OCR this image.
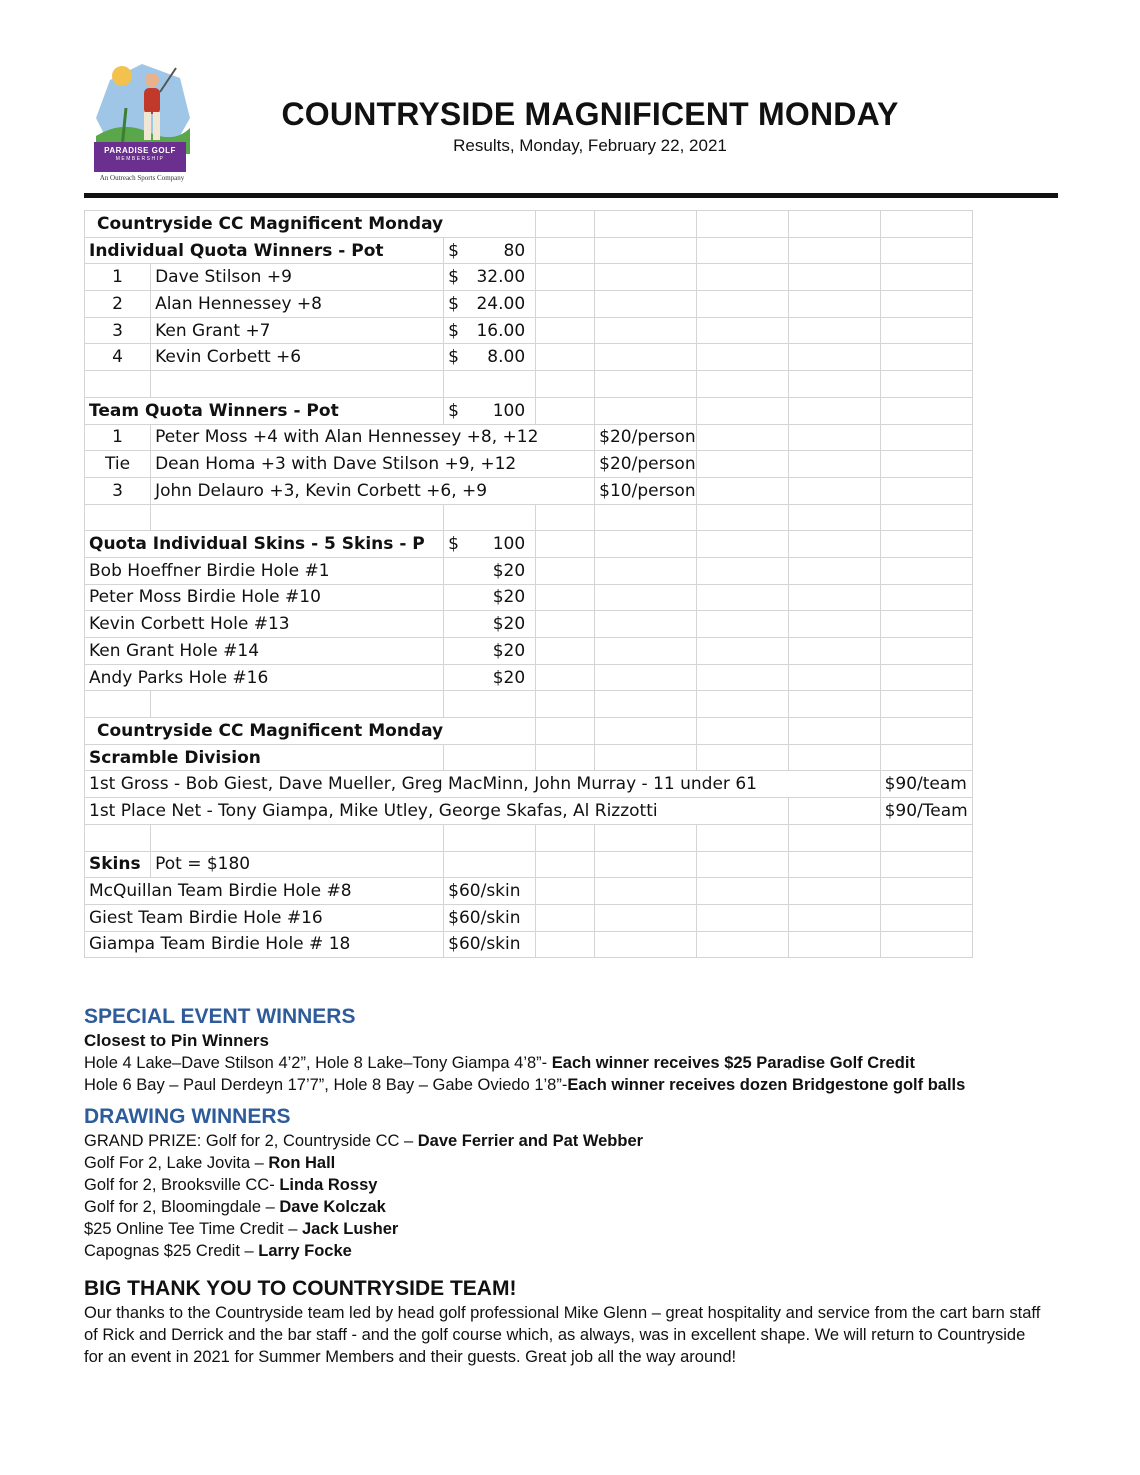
PARADISE GOLF
MEMBERSHIP
An Outreach Sports Company
COUNTRYSIDE MAGNIFICENT MONDAY
Results, Monday, February 22, 2021
Countryside CC Magnificent Monday							
Individual Quota Winners - Pot		$ 80					

1	Dave Stilson +9	$ 32.00					

2	Alan Hennessey +8	$ 24.00					

3	Ken Grant +7	$ 16.00					

4	Kevin Corbett +6	$ 8.00					

Team Quota Winners - Pot		$ 100					

1	Peter Moss +4 with Alan Hennessey +8, +12			$20/person			
Tie	Dean Homa +3 with Dave Stilson +9, +12			$20/person			
3	John Delauro +3, Kevin Corbett +6, +9			$10/person			

Quota Individual Skins - 5 Skins - P		$ 100					

Bob Hoeffner Birdie Hole #1		$20					
Peter Moss Birdie Hole #10		$20					
Kevin Corbett Hole #13		$20					
Ken Grant Hole #14		$20					
Andy Parks Hole #16		$20					

Countryside CC Magnificent Monday							
Scramble Division							
1st Gross - Bob Giest, Dave Mueller, Greg MacMinn, John Murray - 11 under 61							$90/team
1st Place Net - Tony Giampa, Mike Utley, George Skafas, Al Rizzotti							$90/Team

Skins	Pot = $180						
McQuillan Team Birdie Hole #8		$60/skin					
Giest Team Birdie Hole #16		$60/skin					
Giampa Team Birdie Hole # 18		$60/skin					
SPECIAL EVENT WINNERS
Closest to Pin Winners

Hole 4 Lake–Dave Stilson 4’2”, Hole 8 Lake–Tony Giampa 4’8”- Each winner receives $25 Paradise Golf Credit

Hole 6 Bay – Paul Derdeyn 17’7”, Hole 8 Bay – Gabe Oviedo 1’8”-Each winner receives dozen Bridgestone golf balls

DRAWING WINNERS

GRAND PRIZE: Golf for 2, Countryside CC – Dave Ferrier and Pat Webber

Golf For 2, Lake Jovita – Ron Hall

Golf for 2, Brooksville CC- Linda Rossy

Golf for 2, Bloomingdale – Dave Kolczak

$25 Online Tee Time Credit – Jack Lusher

Capognas $25 Credit – Larry Focke

BIG THANK YOU TO COUNTRYSIDE TEAM!

Our thanks to the Countryside team led by head golf professional Mike Glenn – great hospitality and service from the cart barn staff of Rick and Derrick and the bar staff - and the golf course which, as always, was in excellent shape. We will return to Countryside for an event in 2021 for Summer Members and their guests. Great job all the way around!
